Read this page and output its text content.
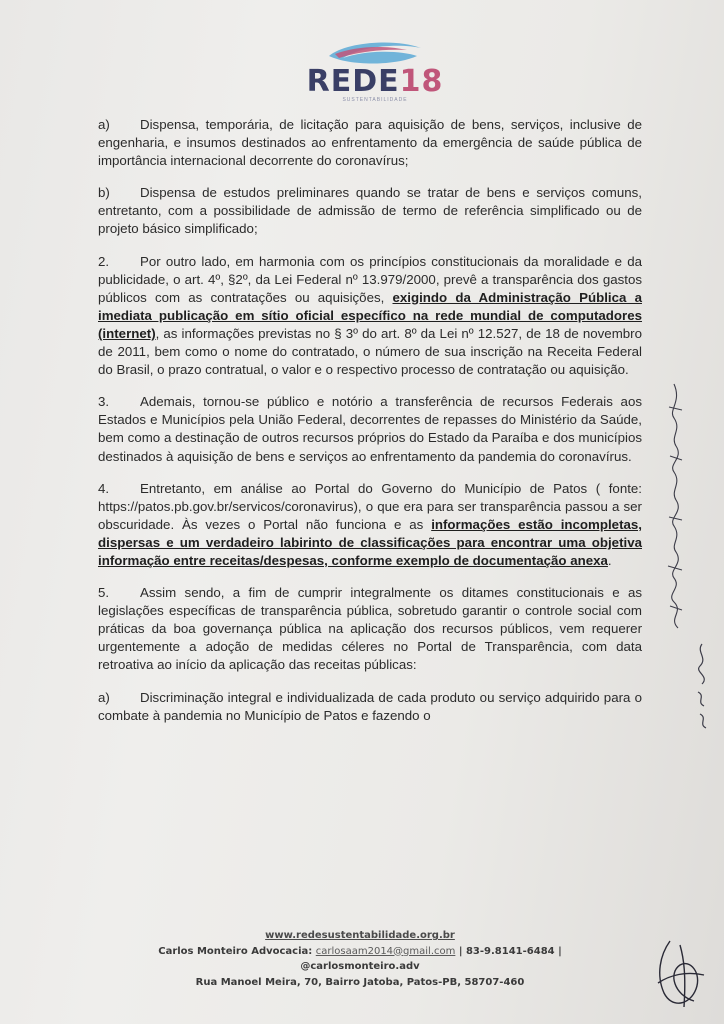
REDE18
SUSTENTABILIDADE

a) Dispensa, temporária, de licitação para aquisição de bens, serviços, inclusive de engenharia, e insumos destinados ao enfrentamento da emergência de saúde pública de importância internacional decorrente do coronavírus;

b) Dispensa de estudos preliminares quando se tratar de bens e serviços comuns, entretanto, com a possibilidade de admissão de termo de referência simplificado ou de projeto básico simplificado;

2. Por outro lado, em harmonia com os princípios constitucionais da moralidade e da publicidade, o art. 4º, §2º, da Lei Federal nº 13.979/2000, prevê a transparência dos gastos públicos com as contratações ou aquisições, exigindo da Administração Pública a imediata publicação em sítio oficial específico na rede mundial de computadores (internet), as informações previstas no § 3º do art. 8º da Lei nº 12.527, de 18 de novembro de 2011, bem como o nome do contratado, o número de sua inscrição na Receita Federal do Brasil, o prazo contratual, o valor e o respectivo processo de contratação ou aquisição.

3. Ademais, tornou-se público e notório a transferência de recursos Federais aos Estados e Municípios pela União Federal, decorrentes de repasses do Ministério da Saúde, bem como a destinação de outros recursos próprios do Estado da Paraíba e dos municípios destinados à aquisição de bens e serviços ao enfrentamento da pandemia do coronavírus.

4. Entretanto, em análise ao Portal do Governo do Município de Patos ( fonte: https://patos.pb.gov.br/servicos/coronavirus), o que era para ser transparência passou a ser obscuridade. Às vezes o Portal não funciona e as informações estão incompletas, dispersas e um verdadeiro labirinto de classificações para encontrar uma objetiva informação entre receitas/despesas, conforme exemplo de documentação anexa.

5. Assim sendo, a fim de cumprir integralmente os ditames constitucionais e as legislações específicas de transparência pública, sobretudo garantir o controle social com práticas da boa governança pública na aplicação dos recursos públicos, vem requerer urgentemente a adoção de medidas céleres no Portal de Transparência, com data retroativa ao início da aplicação das receitas públicas:

a) Discriminação integral e individualizada de cada produto ou serviço adquirido para o combate à pandemia no Município de Patos e fazendo o

www.redesustentabilidade.org.br
Carlos Monteiro Advocacia: carlosaam2014@gmail.com | 83-9.8141-6484 |
@carlosmonteiro.adv
Rua Manoel Meira, 70, Bairro Jatoba, Patos-PB, 58707-460
